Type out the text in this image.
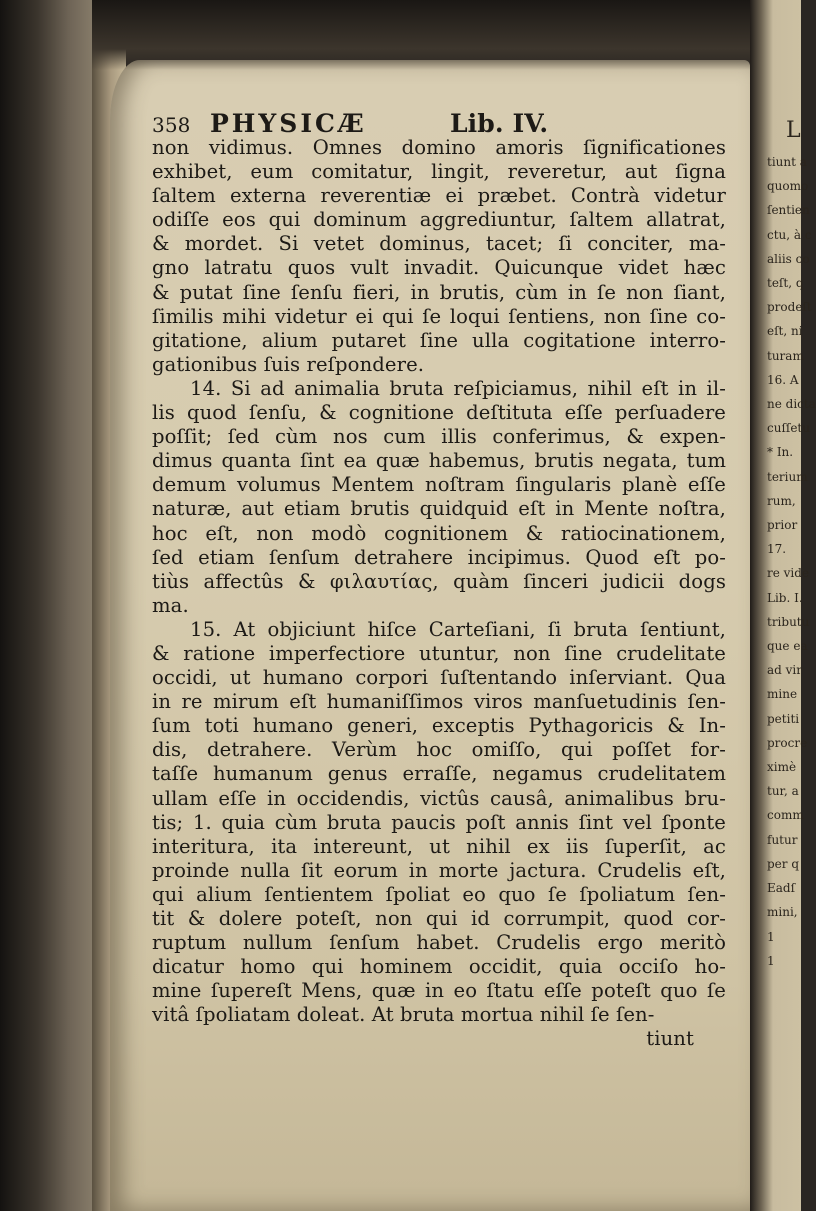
L
tiunt a
quomo
ſentien
ctu, à c
aliis co
teſt, q
prodeſt
eſt, ni
turam
16. A
ne dicta
cuſſetu
* In.
terium
rum,
prior
17.
re vide
Lib. I.
tributu
que ea
ad vir
mine
petiti
procre
ximè
tur, a
comm
futur
per q
Eadſ
mini,
1
1
358 PHYSICÆ	Lib. IV.
non vidimus. Omnes domino amoris ſignificationes
exhibet, eum comitatur, lingit, reveretur, aut ſigna
ſaltem externa reverentiæ ei præbet. Contrà videtur
odiſſe eos qui dominum aggrediuntur, ſaltem allatrat,
& mordet. Si vetet dominus, tacet; ſi conciter, ma-
gno latratu quos vult invadit. Quicunque videt hæc
& putat ſine ſenſu fieri, in brutis, cùm in ſe non ſiant,
ſimilis mihi videtur ei qui ſe loqui ſentiens, non ſine co-
gitatione, alium putaret ſine ulla cogitatione interro-
gationibus ſuis reſpondere.
14. Si ad animalia bruta reſpiciamus, nihil eſt in il-
lis quod ſenſu, & cognitione deſtituta eſſe perſuadere
poſſit; ſed cùm nos cum illis conferimus, & expen-
dimus quanta ſint ea quæ habemus, brutis negata, tum
demum volumus Mentem noſtram ſingularis planè eſſe
naturæ, aut etiam brutis quidquid eſt in Mente noſtra,
hoc eſt, non modò cognitionem & ratiocinationem,
ſed etiam ſenſum detrahere incipimus. Quod eſt po-
tiùs affectûs & φιλαυτίας, quàm ſinceri judicii dogs
ma.
15. At objiciunt hiſce Carteſiani, ſi bruta ſentiunt,
& ratione imperfectiore utuntur, non ſine crudelitate
occidi, ut humano corpori ſuſtentando inſerviant. Qua
in re mirum eſt humaniſſimos viros manſuetudinis ſen-
ſum toti humano generi, exceptis Pythagoricis & In-
dis, detrahere. Verùm hoc omiſſo, qui poſſet for-
taſſe humanum genus erraſſe, negamus crudelitatem
ullam eſſe in occidendis, victûs causâ, animalibus bru-
tis; 1. quia cùm bruta paucis poſt annis ſint vel ſponte
interitura, ita intereunt, ut nihil ex iis ſuperſit, ac
proinde nulla ſit eorum in morte jactura. Crudelis eſt,
qui alium ſentientem ſpoliat eo quo ſe ſpoliatum ſen-
tit & dolere poteſt, non qui id corrumpit, quod cor-
ruptum nullum ſenſum habet. Crudelis ergo meritò
dicatur homo qui hominem occidit, quia occiſo ho-
mine ſupereſt Mens, quæ in eo ſtatu eſſe poteſt quo ſe
vitâ ſpoliatam doleat. At bruta mortua nihil ſe ſen-
tiunt
